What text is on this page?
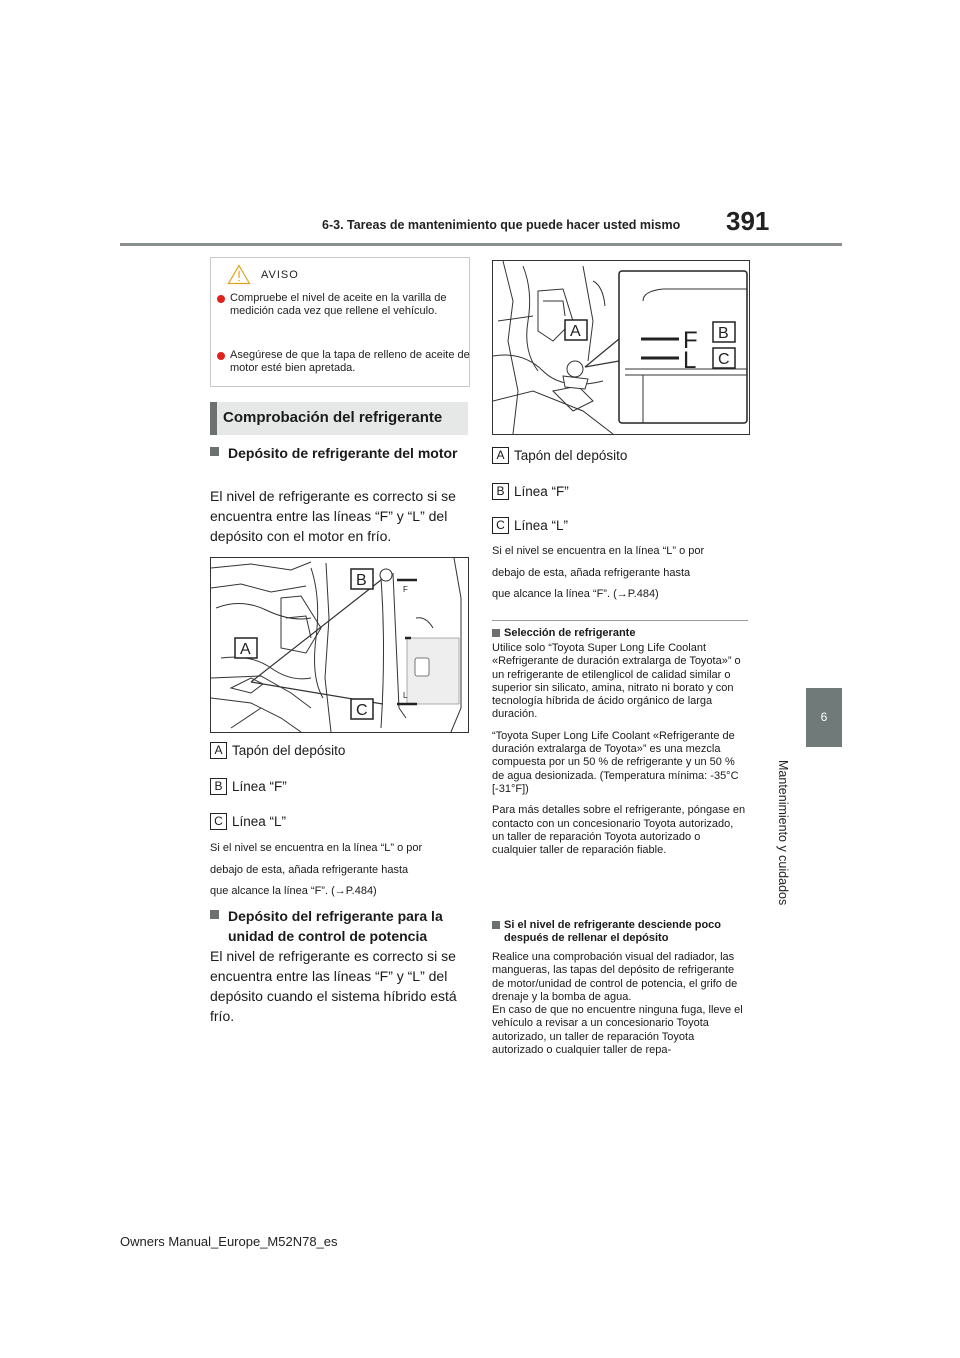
6-3. Tareas de mantenimiento que puede hacer usted mismo	391
6
Mantenimiento y cuidados
AVISO
Compruebe el nivel de aceite en la varilla de medición cada vez que rellene el vehículo.
Asegúrese de que la tapa de relleno de aceite de motor esté bien apretada.
Comprobación del refrigerante
Depósito de refrigerante del motor
El nivel de refrigerante es correcto si se encuentra entre las líneas “F” y “L” del depósito con el motor en frío.
F
L
A
B
C
A Tapón del depósito
B Línea “F”
C Línea “L”
Si el nivel se encuentra en la línea “L” o por
debajo de esta, añada refrigerante hasta
que alcance la línea “F”. (→P.484)
Depósito del refrigerante para la unidad de control de potencia
El nivel de refrigerante es correcto si se encuentra entre las líneas “F” y “L” del depósito cuando el sistema híbrido está frío.
F
L
A	B
C
A Tapón del depósito
B Línea “F”
C Línea “L”
Si el nivel se encuentra en la línea “L” o por
debajo de esta, añada refrigerante hasta
que alcance la línea “F”. (→P.484)
Selección de refrigerante
Utilice solo “Toyota Super Long Life Coolant «Refrigerante de duración extralarga de Toyota»” o un refrigerante de etilenglicol de calidad similar o superior sin silicato, amina, nitrato ni borato y con tecnología híbrida de ácido orgánico de larga duración.
“Toyota Super Long Life Coolant «Refrigerante de duración extralarga de Toyota»” es una mezcla compuesta por un 50 % de refrigerante y un 50 % de agua desionizada. (Temperatura mínima: -35°C [-31°F])
Para más detalles sobre el refrigerante, póngase en contacto con un concesionario Toyota autorizado, un taller de reparación Toyota autorizado o cualquier taller de reparación fiable.
Si el nivel de refrigerante desciende poco después de rellenar el depósito
Realice una comprobación visual del radiador, las mangueras, las tapas del depósito de refrigerante de motor/unidad de control de potencia, el grifo de drenaje y la bomba de agua.
En caso de que no encuentre ninguna fuga, lleve el vehículo a revisar a un concesionario Toyota autorizado, un taller de reparación Toyota autorizado o cualquier taller de repa-
Owners Manual_Europe_M52N78_es
